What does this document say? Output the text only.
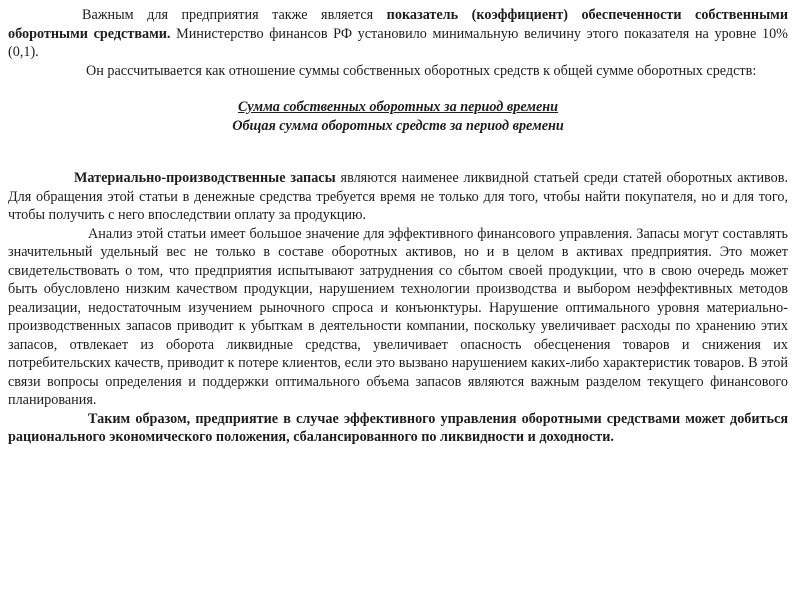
Важным для предприятия также является показатель (коэффициент) обеспеченности собственными оборотными средствами. Министерство финансов РФ установило минимальную величину этого показателя на уровне 10% (0,1).

Он рассчитывается как отношение суммы собственных оборотных средств к общей сумме оборотных средств:

Сумма собственных оборотных за период времени
Общая сумма оборотных средств за период времени

Материально-производственные запасы являются наименее ликвидной статьей среди статей оборотных активов. Для обращения этой статьи в денежные средства требуется время не только для того, чтобы найти покупателя, но и для того, чтобы получить с него впоследствии оплату за продукцию.

Анализ этой статьи имеет большое значение для эффективного финансового управления. Запасы могут составлять значительный удельный вес не только в составе оборотных активов, но и в целом в активах предприятия. Это может свидетельствовать о том, что предприятия испытывают затруднения со сбытом своей продукции, что в свою очередь может быть обусловлено низким качеством продукции, нарушением технологии производства и выбором неэффективных методов реализации, недостаточным изучением рыночного спроса и конъюнктуры. Нарушение оптимального уровня материально-производственных запасов приводит к убыткам в деятельности компании, поскольку увеличивает расходы по хранению этих запасов, отвлекает из оборота ликвидные средства, увеличивает опасность обесценения товаров и снижения их потребительских качеств, приводит к потере клиентов, если это вызвано нарушением каких-либо характеристик товаров. В этой связи вопросы определения и поддержки оптимального объема запасов являются важным разделом текущего финансового планирования.

Таким образом, предприятие в случае эффективного управления оборотными средствами может добиться рационального экономического положения, сбалансированного по ликвидности и доходности.
